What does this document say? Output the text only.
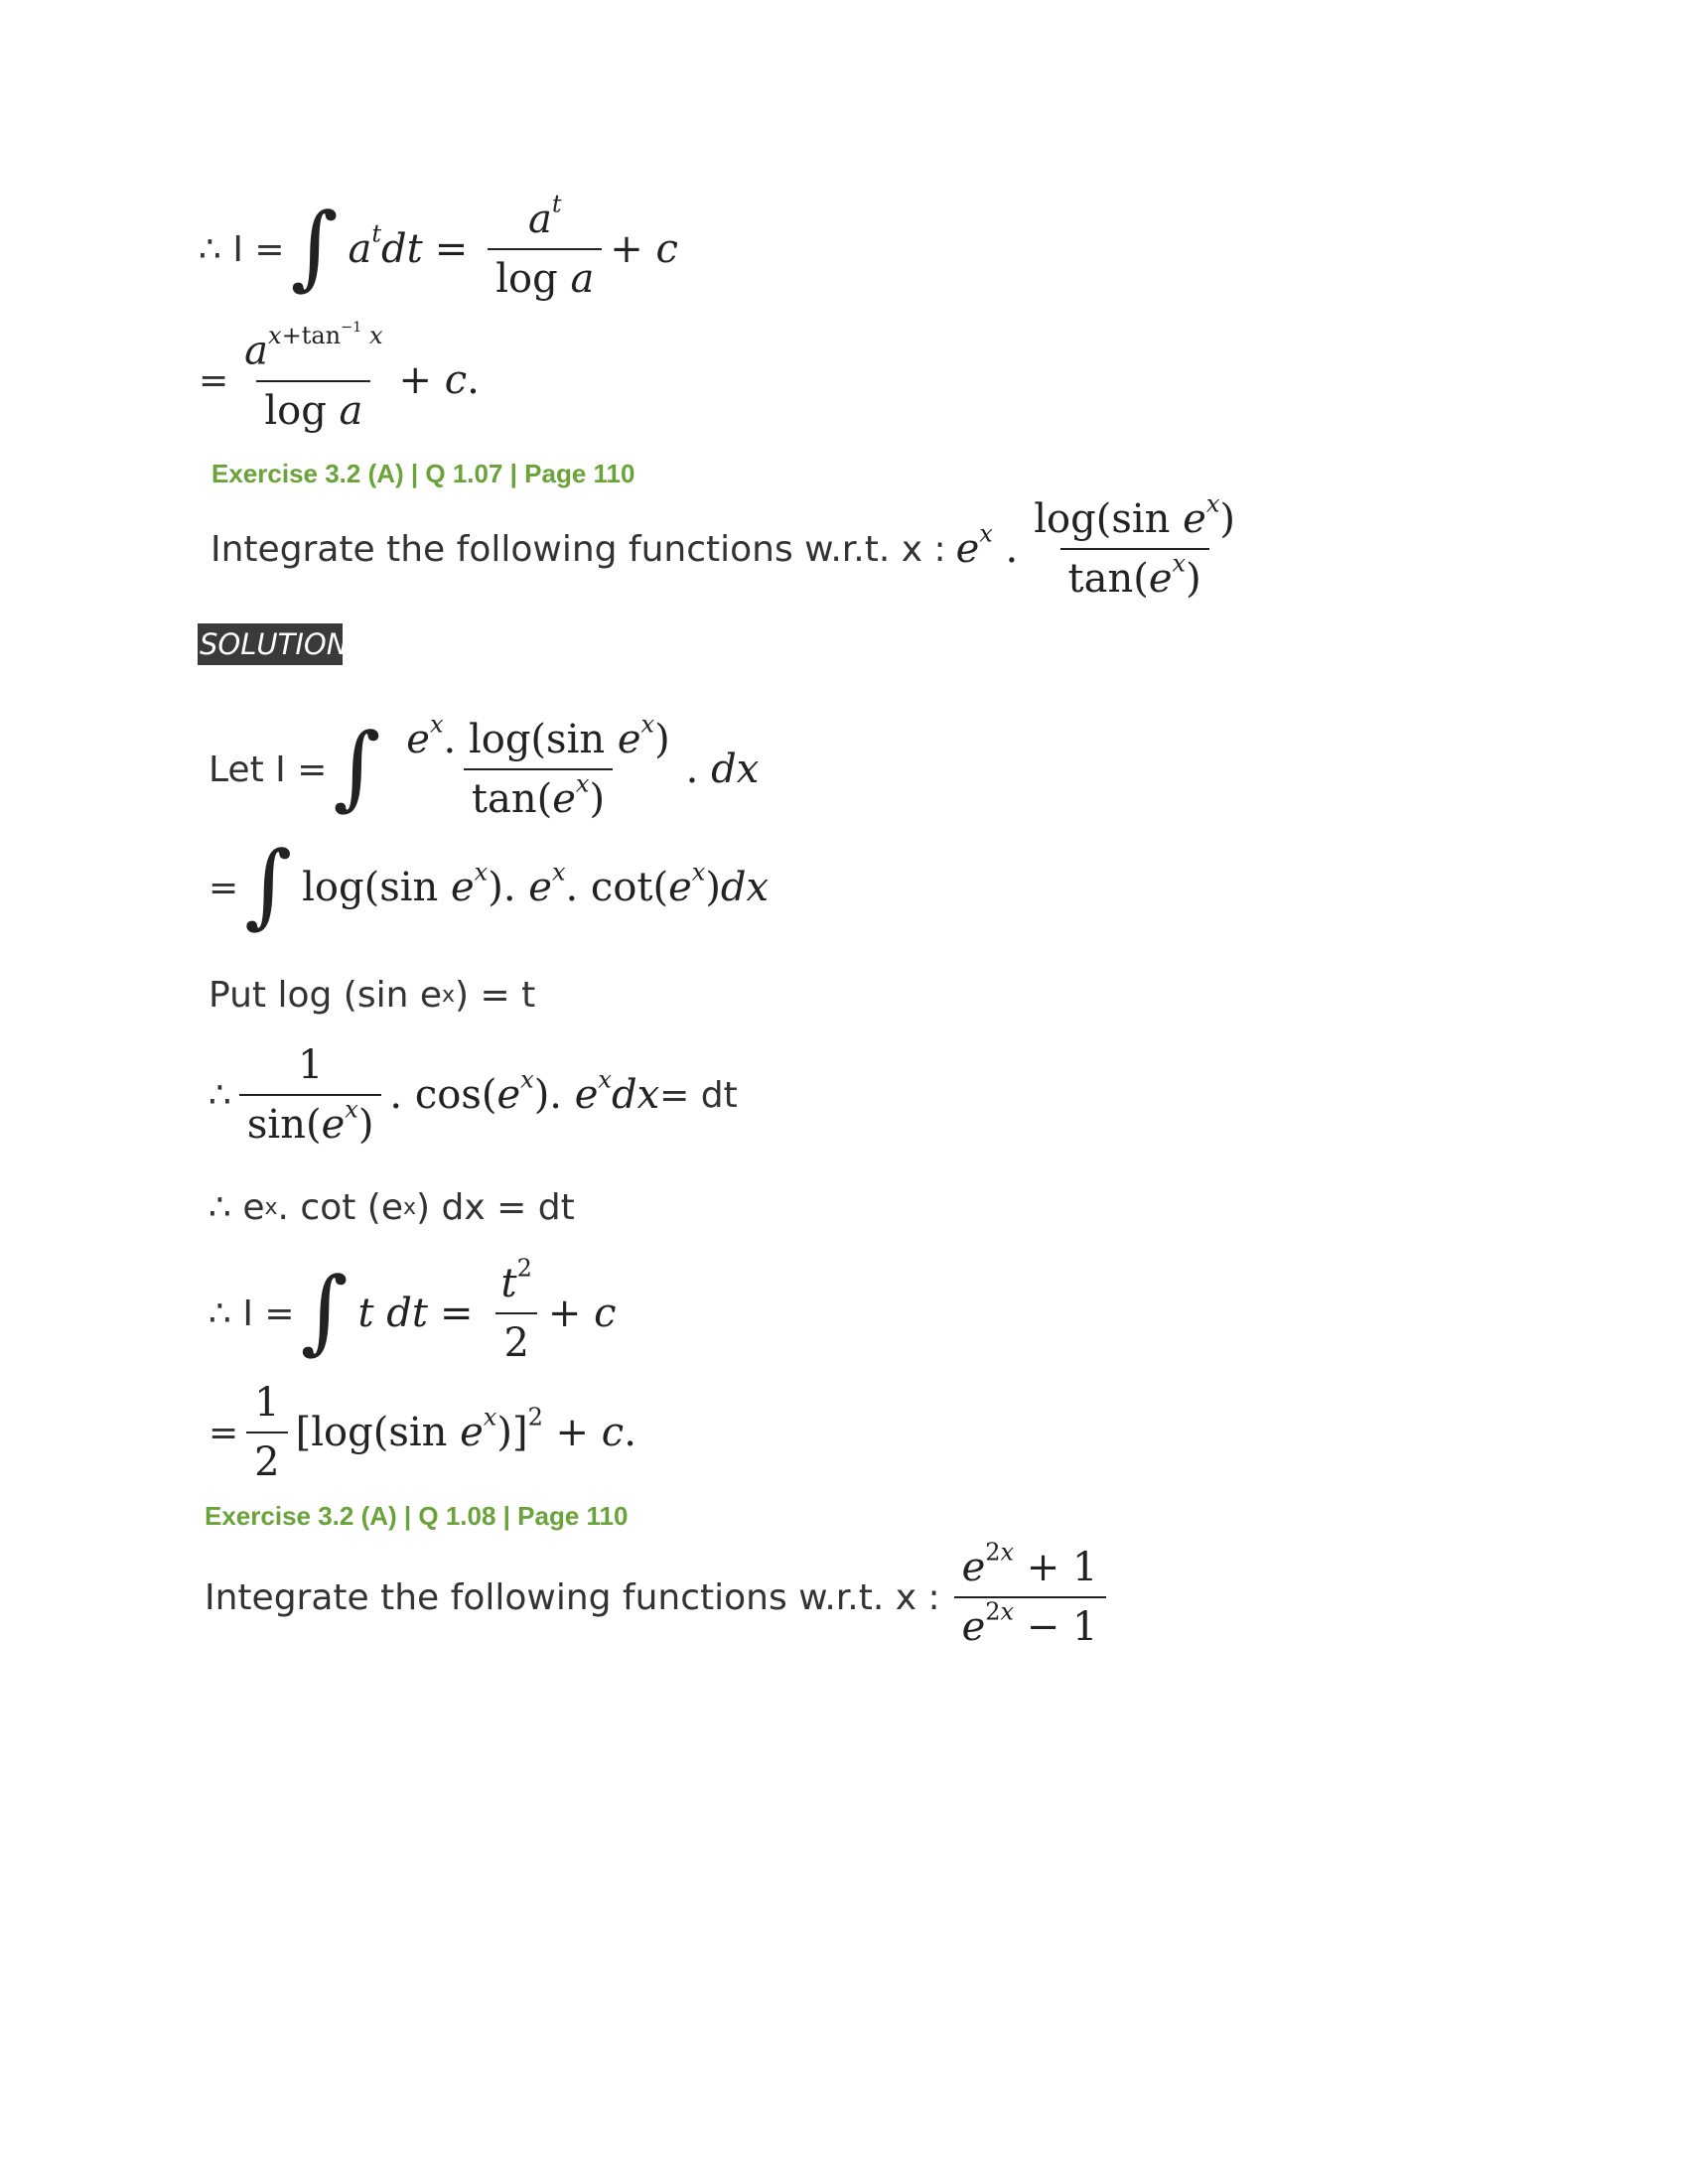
∴ I = ∫ $a^tdt = \frac{a^t}{\text{log a}} + c$
= $\frac{a^{x+tan^{-1} x}}{\text{log a}} + c$.
Exercise 3.2 (A) | Q 1.07 | Page 110
Integrate the following functions w.r.t. x : $e^x$ . $\frac{\log(\sin e^x)}{\tan(e^x)}$
SOLUTION
Let I = ∫ $\frac{e^x. \log(\sin e^x)}{\tan(e^x)}$ . dx
= ∫ log(sin $e^x$). $e^x$. $\cot(e^x)dx$
Put log (sin e x ) = t
∴ $\frac{1}{\sin(e^x)}$ . $\cos(e^x)$. $e^xdx$ = dt
∴ e x . cot (e x ) dx = dt
∴ I = ∫ t dt = $\frac{t^2}{2} + c$
= $\frac{1}{2} [\log(\sin$ $e^x)]^2 + c$.
Exercise 3.2 (A) | Q 1.08 | Page 110
Integrate the following functions w.r.t. x : $\frac{e^{2x} + 1}{e^{2x} - 1}$
